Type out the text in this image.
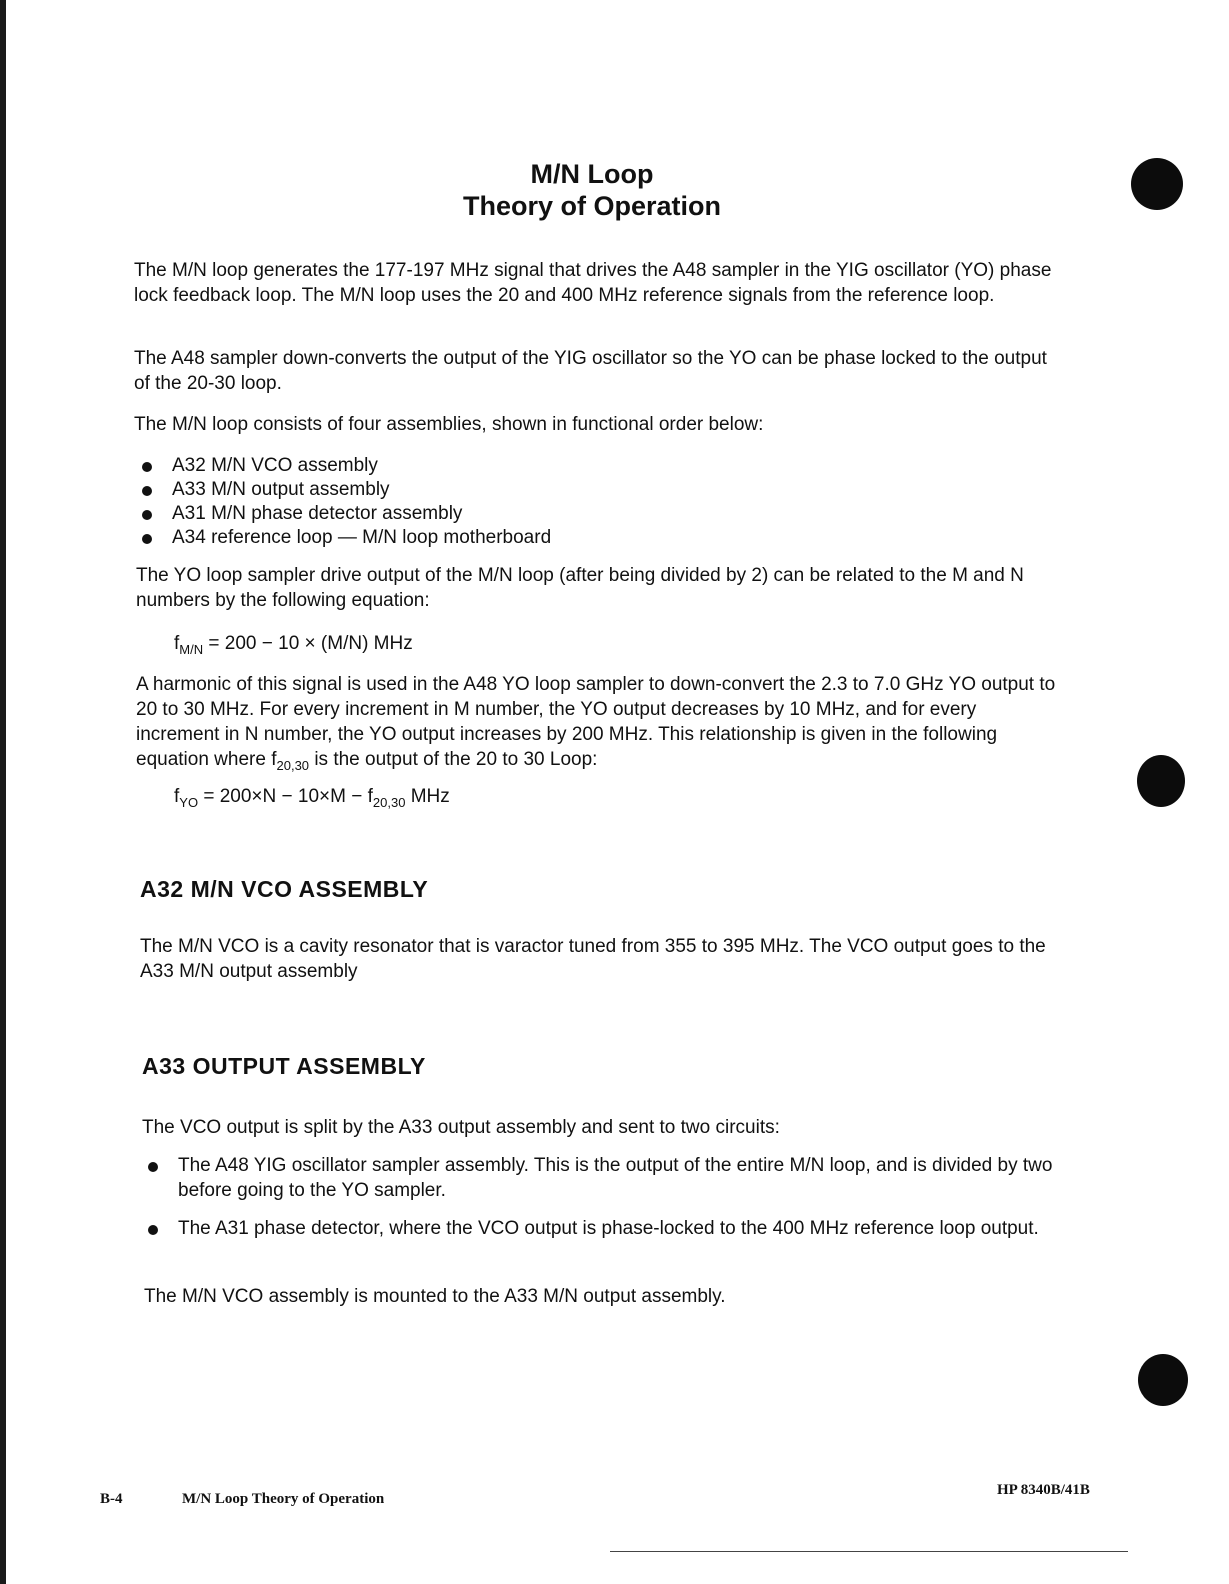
M/N Loop
Theory of Operation

The M/N loop generates the 177-197 MHz signal that drives the A48 sampler in the YIG oscillator (YO) phase lock feedback loop. The M/N loop uses the 20 and 400 MHz reference signals from the reference loop.

The A48 sampler down-converts the output of the YIG oscillator so the YO can be phase locked to the output of the 20-30 loop.

The M/N loop consists of four assemblies, shown in functional order below:

A32 M/N VCO assembly
A33 M/N output assembly
A31 M/N phase detector assembly
A34 reference loop — M/N loop motherboard

The YO loop sampler drive output of the M/N loop (after being divided by 2) can be related to the M and N numbers by the following equation:

$f_{M/N} = 200 - 10 \times (M/N)$ MHz

A harmonic of this signal is used in the A48 YO loop sampler to down-convert the 2.3 to 7.0 GHz YO output to 20 to 30 MHz. For every increment in M number, the YO output decreases by 10 MHz, and for every increment in N number, the YO output increases by 200 MHz. This relationship is given in the following equation where $f_{20,30}$ is the output of the 20 to 30 Loop:

$f_{YO} = 200\times N - 10\times M - f_{20,30}$ MHz
A32 M/N VCO ASSEMBLY

The M/N VCO is a cavity resonator that is varactor tuned from 355 to 395 MHz. The VCO output goes to the A33 M/N output assembly

A33 OUTPUT ASSEMBLY

The VCO output is split by the A33 output assembly and sent to two circuits:

The A48 YIG oscillator sampler assembly. This is the output of the entire M/N loop, and is divided by two before going to the YO sampler.
The A31 phase detector, where the VCO output is phase-locked to the 400 MHz reference loop output.

The M/N VCO assembly is mounted to the A33 M/N output assembly.

B-4	M/N Loop Theory of Operation
HP 8340B/41B
